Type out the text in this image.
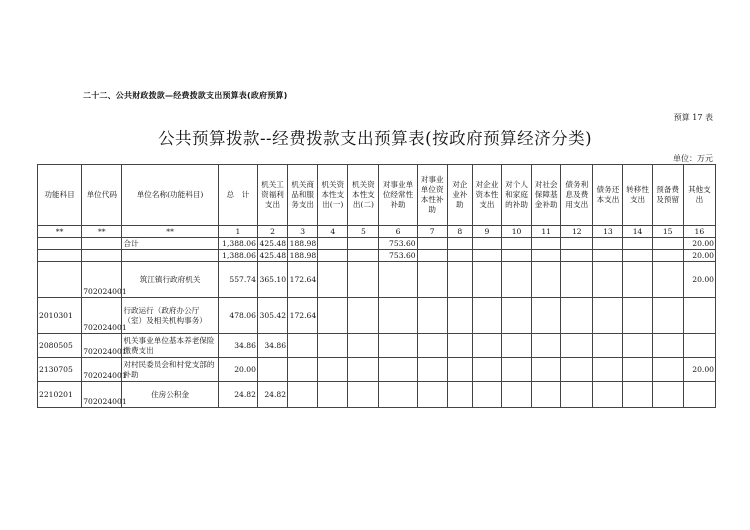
二十二、公共财政拨款—经费拨款支出预算表(政府预算)
预算 17 表
公共预算拨款--经费拨款支出预算表(按政府预算经济分类)
单位：万元
功能科目	单位代码	单位名称(功能科目)	总　计	机关工资福利支出	机关商品和服务支出	机关资本性支出(一)	机关资本性支出(二)	对事业单位经常性补助	对事业单位资本性补助	对企业补助	对企业资本性支出	对个人和家庭的补助	对社会保障基金补助	债务利息及费用支出	债务还本支出	转移性支出	预备费及预留	其他支出
**	**	**	1	2	3	4	5	6	7	8	9	10	11	12	13	14	15	16
		合计	1,388.06	425.48	188.98			753.60										20.00
			1,388.06	425.48	188.98			753.60										20.00
	702024001	筑江镇行政府机关	557.74	365.10	172.64													20.00
2010301	702024001	行政运行（政府办公厅（室）及相关机构事务）	478.06	305.42	172.64													
2080505	702024001	机关事业单位基本养老保险缴费支出	34.86	34.86														
2130705	702024001	对村民委员会和村党支部的补助	20.00															20.00
2210201	702024001	住房公积金	24.82	24.82														
